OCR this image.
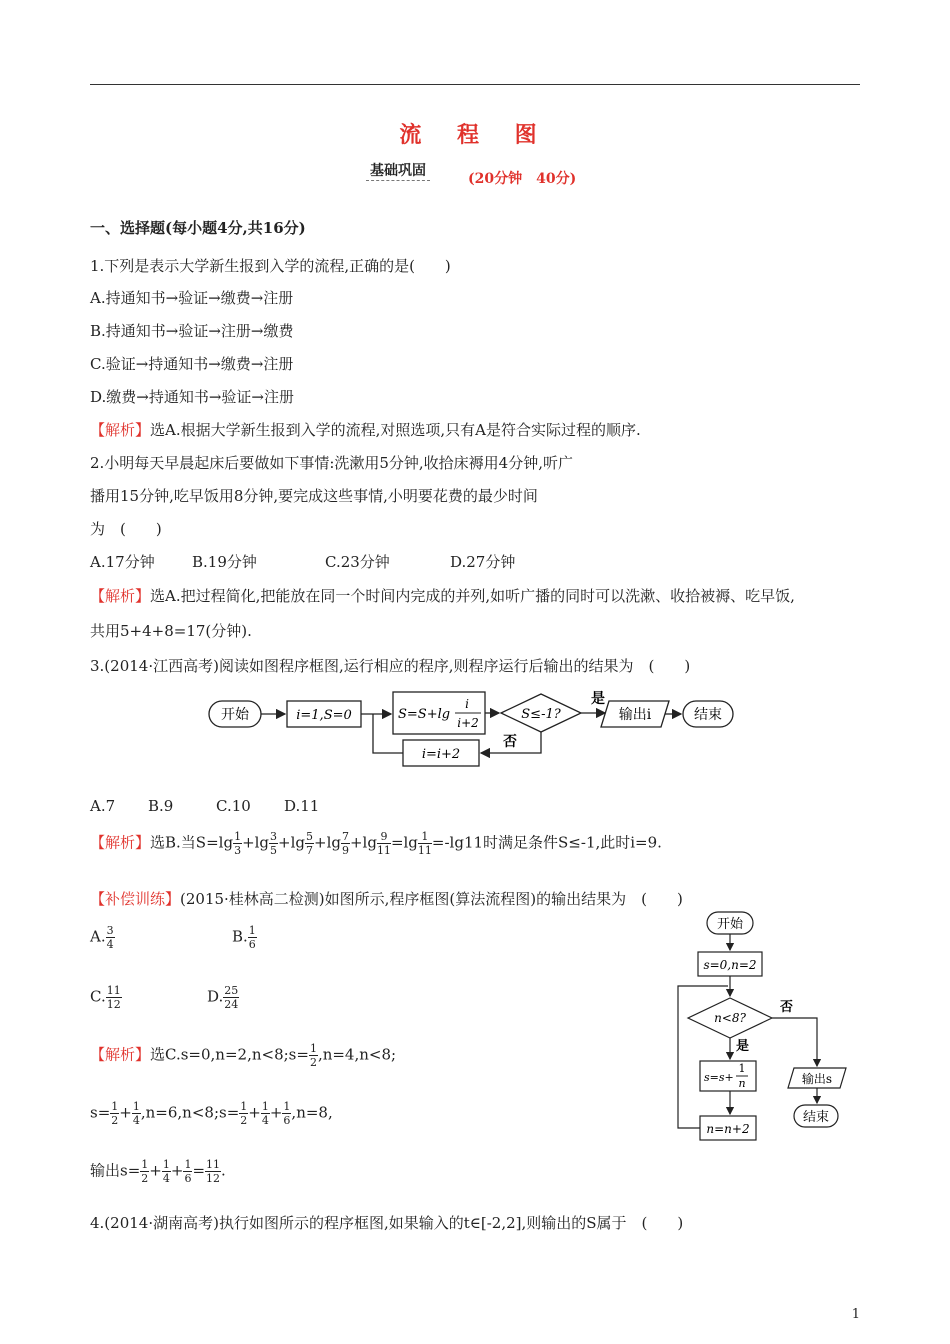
流 程 图
基础巩固	(20分钟　40分)
一、选择题(每小题4分,共16分)
1.下列是表示大学新生报到入学的流程,正确的是(　　)
A.持通知书→验证→缴费→注册
B.持通知书→验证→注册→缴费
C.验证→持通知书→缴费→注册
D.缴费→持通知书→验证→注册
【解析】选A.根据大学新生报到入学的流程,对照选项,只有A是符合实际过程的顺序.
2.小明每天早晨起床后要做如下事情:洗漱用5分钟,收拾床褥用4分钟,听广
播用15分钟,吃早饭用8分钟,要完成这些事情,小明要花费的最少时间
为　(　　)
A.17分钟 B.19分钟	C.23分钟	D.27分钟
【解析】选A.把过程简化,把能放在同一个时间内完成的并列,如听广播的同时可以洗漱、收拾被褥、吃早饭,
共用5+4+8=17(分钟).
3.(2014·江西高考)阅读如图程序框图,运行相应的程序,则程序运行后输出的结果为　(　　)
开始	i=1,S=0	S=S+lg
i
i+2
S≤-1?
是
否
输出i	结束
i=i+2
A.7 B.9	C.10 D.11
【解析】选B.当$S=\lg \frac{1}{3} +\lg \frac{3}{5} +\lg \frac{5}{7} +\lg \frac{7}{9} +\lg \frac{9}{11} =\lg \frac{1}{11} =-\lg 11$时满足条件S≤-1,此时i=9.
【补偿训练】(2015·桂林高二检测)如图所示,程序框图(算法流程图)的输出结果为　(　　)
A. $\frac{3}{4}$	B. $\frac{1}{6}$
C. $\frac{11}{12}$	D. $\frac{25}{24}$
【解析】选C.s=0,n=2,n<8;s= $\frac{1}{2} ,n=4,n<8$;
$s= \frac{1}{2} + \frac{1}{4}$ ,n=6,n<8;s= $\frac{1}{2} + \frac{1}{4} + \frac{1}{6} ,n=8$,
输出$s= \frac{1}{2} + \frac{1}{4} + \frac{1}{6} = \frac{11}{12}$ .
开始
s=0,n=2
n<8?
否
是
s=s+
1
n
n=n+2
输出s
结束
4.(2014·湖南高考)执行如图所示的程序框图,如果输入的t∈[-2,2],则输出的S属于　(　　)
1
